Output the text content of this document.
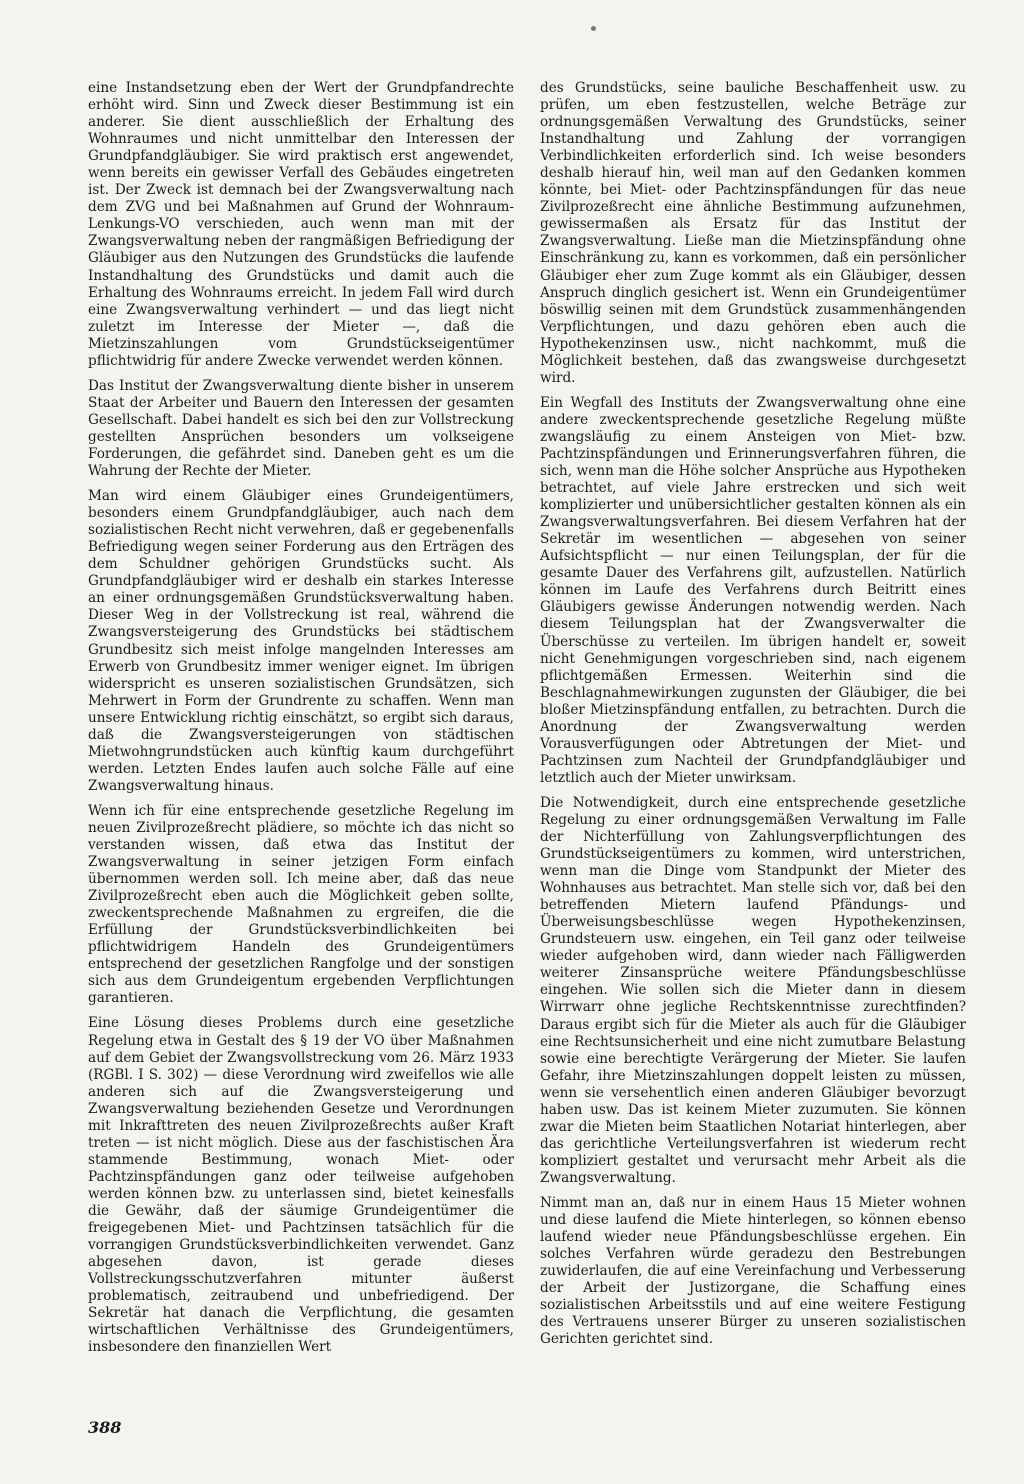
eine Instandsetzung eben der Wert der Grundpfandrechte erhöht wird. Sinn und Zweck dieser Bestimmung ist ein anderer. Sie dient ausschließlich der Erhaltung des Wohnraumes und nicht unmittelbar den Interessen der Grundpfandgläubiger. Sie wird praktisch erst angewendet, wenn bereits ein gewisser Verfall des Gebäudes eingetreten ist. Der Zweck ist demnach bei der Zwangsverwaltung nach dem ZVG und bei Maßnahmen auf Grund der Wohnraum-Lenkungs-VO verschieden, auch wenn man mit der Zwangsverwaltung neben der rangmäßigen Befriedigung der Gläubiger aus den Nutzungen des Grundstücks die laufende Instandhaltung des Grundstücks und damit auch die Erhaltung des Wohnraums erreicht. In jedem Fall wird durch eine Zwangsverwaltung verhindert — und das liegt nicht zuletzt im Interesse der Mieter —, daß die Mietzinszahlungen vom Grundstückseigentümer pflichtwidrig für andere Zwecke verwendet werden können.

Das Institut der Zwangsverwaltung diente bisher in unserem Staat der Arbeiter und Bauern den Interessen der gesamten Gesellschaft. Dabei handelt es sich bei den zur Vollstreckung gestellten Ansprüchen besonders um volkseigene Forderungen, die gefährdet sind. Daneben geht es um die Wahrung der Rechte der Mieter.

Man wird einem Gläubiger eines Grundeigentümers, besonders einem Grundpfandgläubiger, auch nach dem sozialistischen Recht nicht verwehren, daß er gegebenenfalls Befriedigung wegen seiner Forderung aus den Erträgen des dem Schuldner gehörigen Grundstücks sucht. Als Grundpfandgläubiger wird er deshalb ein starkes Interesse an einer ordnungsgemäßen Grundstücksverwaltung haben. Dieser Weg in der Vollstreckung ist real, während die Zwangsversteigerung des Grundstücks bei städtischem Grundbesitz sich meist infolge mangelnden Interesses am Erwerb von Grundbesitz immer weniger eignet. Im übrigen widerspricht es unseren sozialistischen Grundsätzen, sich Mehrwert in Form der Grundrente zu schaffen. Wenn man unsere Entwicklung richtig einschätzt, so ergibt sich daraus, daß die Zwangsversteigerungen von städtischen Mietwohngrundstücken auch künftig kaum durchgeführt werden. Letzten Endes laufen auch solche Fälle auf eine Zwangsverwaltung hinaus.

Wenn ich für eine entsprechende gesetzliche Regelung im neuen Zivilprozeßrecht plädiere, so möchte ich das nicht so verstanden wissen, daß etwa das Institut der Zwangsverwaltung in seiner jetzigen Form einfach übernommen werden soll. Ich meine aber, daß das neue Zivilprozeßrecht eben auch die Möglichkeit geben sollte, zweckentsprechende Maßnahmen zu ergreifen, die die Erfüllung der Grundstücksverbindlichkeiten bei pflichtwidrigem Handeln des Grundeigentümers entsprechend der gesetzlichen Rangfolge und der sonstigen sich aus dem Grundeigentum ergebenden Verpflichtungen garantieren.

Eine Lösung dieses Problems durch eine gesetzliche Regelung etwa in Gestalt des § 19 der VO über Maßnahmen auf dem Gebiet der Zwangsvollstreckung vom 26. März 1933 (RGBl. I S. 302) — diese Verordnung wird zweifellos wie alle anderen sich auf die Zwangsversteigerung und Zwangsverwaltung beziehenden Gesetze und Verordnungen mit Inkrafttreten des neuen Zivilprozeßrechts außer Kraft treten — ist nicht möglich. Diese aus der faschistischen Ära stammende Bestimmung, wonach Miet- oder Pachtzinspfändungen ganz oder teilweise aufgehoben werden können bzw. zu unterlassen sind, bietet keinesfalls die Gewähr, daß der säumige Grundeigentümer die freigegebenen Miet- und Pachtzinsen tatsächlich für die vorrangigen Grundstücksverbindlichkeiten verwendet. Ganz abgesehen davon, ist gerade dieses Vollstreckungsschutzverfahren mitunter äußerst problematisch, zeitraubend und unbefriedigend. Der Sekretär hat danach die Verpflichtung, die gesamten wirtschaftlichen Verhältnisse des Grundeigentümers, insbesondere den finanziellen Wert

des Grundstücks, seine bauliche Beschaffenheit usw. zu prüfen, um eben festzustellen, welche Beträge zur ordnungsgemäßen Verwaltung des Grundstücks, seiner Instandhaltung und Zahlung der vorrangigen Verbindlichkeiten erforderlich sind. Ich weise besonders deshalb hierauf hin, weil man auf den Gedanken kommen könnte, bei Miet- oder Pachtzinspfändungen für das neue Zivilprozeßrecht eine ähnliche Bestimmung aufzunehmen, gewissermaßen als Ersatz für das Institut der Zwangsverwaltung. Ließe man die Mietzinspfändung ohne Einschränkung zu, kann es vorkommen, daß ein persönlicher Gläubiger eher zum Zuge kommt als ein Gläubiger, dessen Anspruch dinglich gesichert ist. Wenn ein Grundeigentümer böswillig seinen mit dem Grundstück zusammenhängenden Verpflichtungen, und dazu gehören eben auch die Hypothekenzinsen usw., nicht nachkommt, muß die Möglichkeit bestehen, daß das zwangsweise durchgesetzt wird.

Ein Wegfall des Instituts der Zwangsverwaltung ohne eine andere zweckentsprechende gesetzliche Regelung müßte zwangsläufig zu einem Ansteigen von Miet- bzw. Pachtzinspfändungen und Erinnerungsverfahren führen, die sich, wenn man die Höhe solcher Ansprüche aus Hypotheken betrachtet, auf viele Jahre erstrecken und sich weit komplizierter und unübersichtlicher gestalten können als ein Zwangsverwaltungsverfahren. Bei diesem Verfahren hat der Sekretär im wesentlichen — abgesehen von seiner Aufsichtspflicht — nur einen Teilungsplan, der für die gesamte Dauer des Verfahrens gilt, aufzustellen. Natürlich können im Laufe des Verfahrens durch Beitritt eines Gläubigers gewisse Änderungen notwendig werden. Nach diesem Teilungsplan hat der Zwangsverwalter die Überschüsse zu verteilen. Im übrigen handelt er, soweit nicht Genehmigungen vorgeschrieben sind, nach eigenem pflichtgemäßen Ermessen. Weiterhin sind die Beschlagnahmewirkungen zugunsten der Gläubiger, die bei bloßer Mietzinspfändung entfallen, zu betrachten. Durch die Anordnung der Zwangsverwaltung werden Vorausverfügungen oder Abtretungen der Miet- und Pachtzinsen zum Nachteil der Grundpfandgläubiger und letztlich auch der Mieter unwirksam.

Die Notwendigkeit, durch eine entsprechende gesetzliche Regelung zu einer ordnungsgemäßen Verwaltung im Falle der Nichterfüllung von Zahlungsverpflichtungen des Grundstückseigentümers zu kommen, wird unterstrichen, wenn man die Dinge vom Standpunkt der Mieter des Wohnhauses aus betrachtet. Man stelle sich vor, daß bei den betreffenden Mietern laufend Pfändungs- und Überweisungsbeschlüsse wegen Hypothekenzinsen, Grundsteuern usw. eingehen, ein Teil ganz oder teilweise wieder aufgehoben wird, dann wieder nach Fälligwerden weiterer Zinsansprüche weitere Pfändungsbeschlüsse eingehen. Wie sollen sich die Mieter dann in diesem Wirrwarr ohne jegliche Rechtskenntnisse zurechtfinden? Daraus ergibt sich für die Mieter als auch für die Gläubiger eine Rechtsunsicherheit und eine nicht zumutbare Belastung sowie eine berechtigte Verärgerung der Mieter. Sie laufen Gefahr, ihre Mietzinszahlungen doppelt leisten zu müssen, wenn sie versehentlich einen anderen Gläubiger bevorzugt haben usw. Das ist keinem Mieter zuzumuten. Sie können zwar die Mieten beim Staatlichen Notariat hinterlegen, aber das gerichtliche Verteilungsverfahren ist wiederum recht kompliziert gestaltet und verursacht mehr Arbeit als die Zwangsverwaltung.

Nimmt man an, daß nur in einem Haus 15 Mieter wohnen und diese laufend die Miete hinterlegen, so können ebenso laufend wieder neue Pfändungsbeschlüsse ergehen. Ein solches Verfahren würde geradezu den Bestrebungen zuwiderlaufen, die auf eine Vereinfachung und Verbesserung der Arbeit der Justizorgane, die Schaffung eines sozialistischen Arbeitsstils und auf eine weitere Festigung des Vertrauens unserer Bürger zu unseren sozialistischen Gerichten gerichtet sind.

388
